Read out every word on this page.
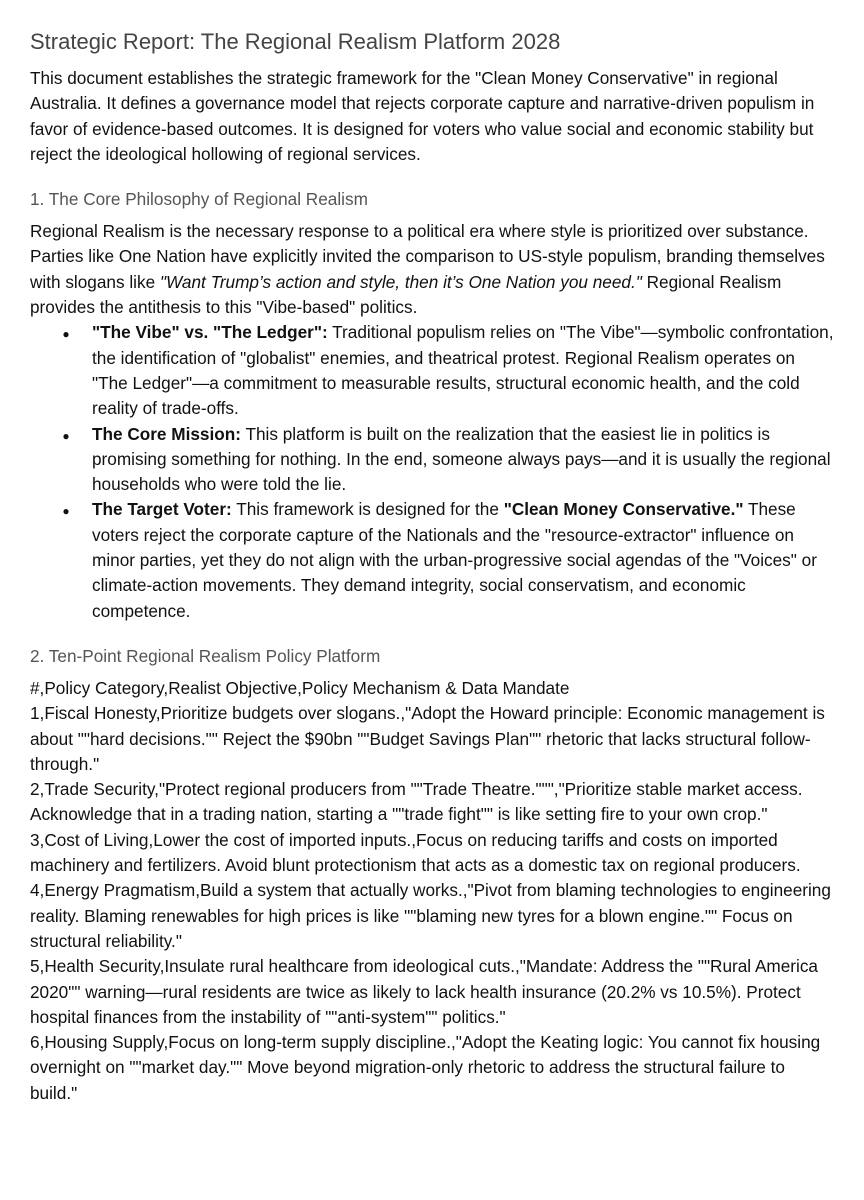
Strategic Report: The Regional Realism Platform 2028

This document establishes the strategic framework for the "Clean Money Conservative" in regional Australia. It defines a governance model that rejects corporate capture and narrative-driven populism in favor of evidence-based outcomes. It is designed for voters who value social and economic stability but reject the ideological hollowing of regional services.

1. The Core Philosophy of Regional Realism

Regional Realism is the necessary response to a political era where style is prioritized over substance. Parties like One Nation have explicitly invited the comparison to US-style populism, branding themselves with slogans like "Want Trump’s action and style, then it’s One Nation you need." Regional Realism provides the antithesis to this "Vibe-based" politics.

●
"The Vibe" vs. "The Ledger": Traditional populism relies on "The Vibe"—symbolic confrontation, the identification of "globalist" enemies, and theatrical protest. Regional Realism operates on "The Ledger"—a commitment to measurable results, structural economic health, and the cold reality of trade-offs.
●
The Core Mission: This platform is built on the realization that the easiest lie in politics is promising something for nothing. In the end, someone always pays—and it is usually the regional households who were told the lie.
●
The Target Voter: This framework is designed for the "Clean Money Conservative." These voters reject the corporate capture of the Nationals and the "resource-extractor" influence on minor parties, yet they do not align with the urban-progressive social agendas of the "Voices" or climate-action movements. They demand integrity, social conservatism, and economic competence.
2. Ten-Point Regional Realism Policy Platform
#,Policy Category,Realist Objective,Policy Mechanism & Data Mandate
1,Fiscal Honesty,Prioritize budgets over slogans.,"Adopt the Howard principle: Economic management is about ""hard decisions."" Reject the $90bn ""Budget Savings Plan"" rhetoric that lacks structural follow-through."
2,Trade Security,"Protect regional producers from ""Trade Theatre.""","Prioritize stable market access. Acknowledge that in a trading nation, starting a ""trade fight"" is like setting fire to your own crop."
3,Cost of Living,Lower the cost of imported inputs.,Focus on reducing tariffs and costs on imported machinery and fertilizers. Avoid blunt protectionism that acts as a domestic tax on regional producers.
4,Energy Pragmatism,Build a system that actually works.,"Pivot from blaming technologies to engineering reality. Blaming renewables for high prices is like ""blaming new tyres for a blown engine."" Focus on structural reliability."
5,Health Security,Insulate rural healthcare from ideological cuts.,"Mandate: Address the ""Rural America 2020"" warning—rural residents are twice as likely to lack health insurance (20.2% vs 10.5%). Protect hospital finances from the instability of ""anti-system"" politics."
6,Housing Supply,Focus on long-term supply discipline.,"Adopt the Keating logic: You cannot fix housing overnight on ""market day."" Move beyond migration-only rhetoric to address the structural failure to build."
